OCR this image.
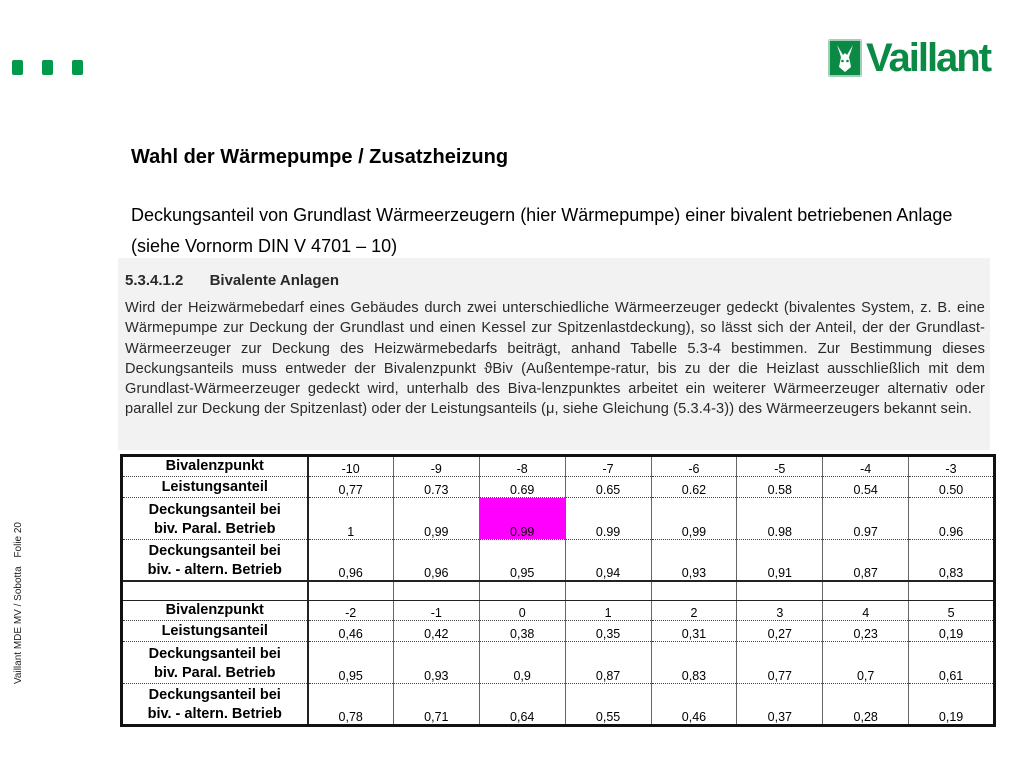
Vaillant
Vaillant MDE MV / Sobotta Folie 20
Wahl der Wärmepumpe / Zusatzheizung
Deckungsanteil von Grundlast Wärmeerzeugern (hier Wärmepumpe) einer bivalent betriebenen Anlage (siehe Vornorm DIN V 4701 – 10)
5.3.4.1.2 Bivalente Anlagen
Wird der Heizwärmebedarf eines Gebäudes durch zwei unterschiedliche Wärmeerzeuger gedeckt (bivalentes System, z. B. eine Wärmepumpe zur Deckung der Grundlast und einen Kessel zur Spitzenlastdeckung), so lässt sich der Anteil, der der Grundlast-Wärmeerzeuger zur Deckung des Heizwärmebedarfs beiträgt, anhand Tabelle 5.3-4 bestimmen. Zur Bestimmung dieses Deckungsanteils muss entweder der Bivalenzpunkt ϑBiv (Außentempe-ratur, bis zu der die Heizlast ausschließlich mit dem Grundlast-Wärmeerzeuger gedeckt wird, unterhalb des Biva-lenzpunktes arbeitet ein weiterer Wärmeerzeuger alternativ oder parallel zur Deckung der Spitzenlast) oder der Leistungsanteils (μ, siehe Gleichung (5.3.4-3)) des Wärmeerzeugers bekannt sein.
Bivalenzpunkt	-10	-9	-8	-7	-6	-5	-4	-3
Leistungsanteil	0,77	0.73	0.69	0.65	0.62	0.58	0.54	0.50

Deckungsanteil bei
biv. Paral. Betrieb	1	0,99	0.99	0.99	0,99	0.98	0.97	0.96

Deckungsanteil bei
biv. - altern. Betrieb	0,96	0,96	0,95	0,94	0,93	0,91	0,87	0,83

Bivalenzpunkt	-2	-1	0	1	2	3	4	5
Leistungsanteil	0,46	0,42	0,38	0,35	0,31	0,27	0,23	0,19

Deckungsanteil bei
biv. Paral. Betrieb	0,95	0,93	0,9	0,87	0,83	0,77	0,7	0,61

Deckungsanteil bei
biv. - altern. Betrieb	0,78	0,71	0,64	0,55	0,46	0,37	0,28	0,19
